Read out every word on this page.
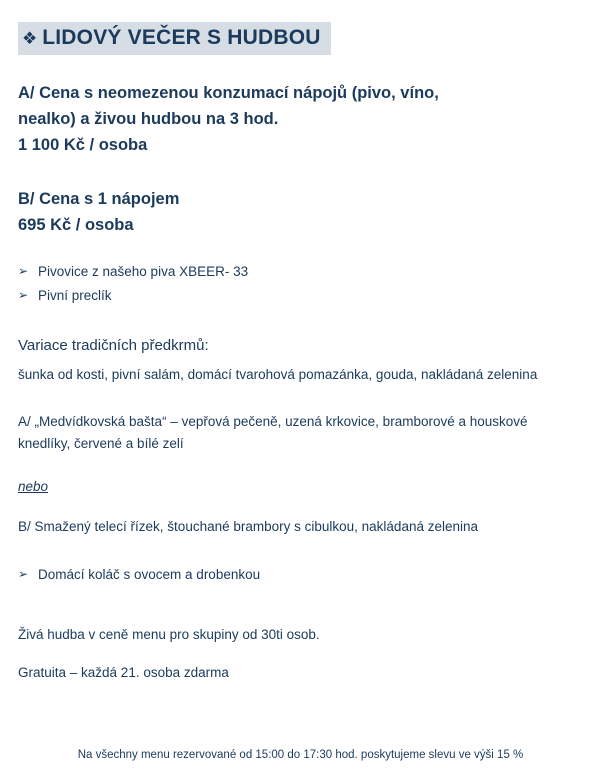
❖ LIDOVÝ VEČER S HUDBOU
A/ Cena s neomezenou konzumací nápojů (pivo, víno,
nealko) a živou hudbou na 3 hod.
1 100 Kč / osoba
B/ Cena s 1 nápojem
695 Kč / osoba
➢ Pivovice z našeho piva XBEER- 33
➢ Pivní preclík
Variace tradičních předkrmů:
šunka od kosti, pivní salám, domácí tvarohová pomazánka, gouda, nakládaná zelenina
A/ „Medvídkovská bašta“ – vepřová pečeně, uzená krkovice, bramborové a houskové knedlíky, červené a bílé zelí
nebo
B/ Smažený telecí řízek, štouchané brambory s cibulkou, nakládaná zelenina
➢ Domácí koláč s ovocem a drobenkou
Živá hudba v ceně menu pro skupiny od 30ti osob.
Gratuita – každá 21. osoba zdarma
Na všechny menu rezervované od 15:00 do 17:30 hod. poskytujeme slevu ve výši 15 %
